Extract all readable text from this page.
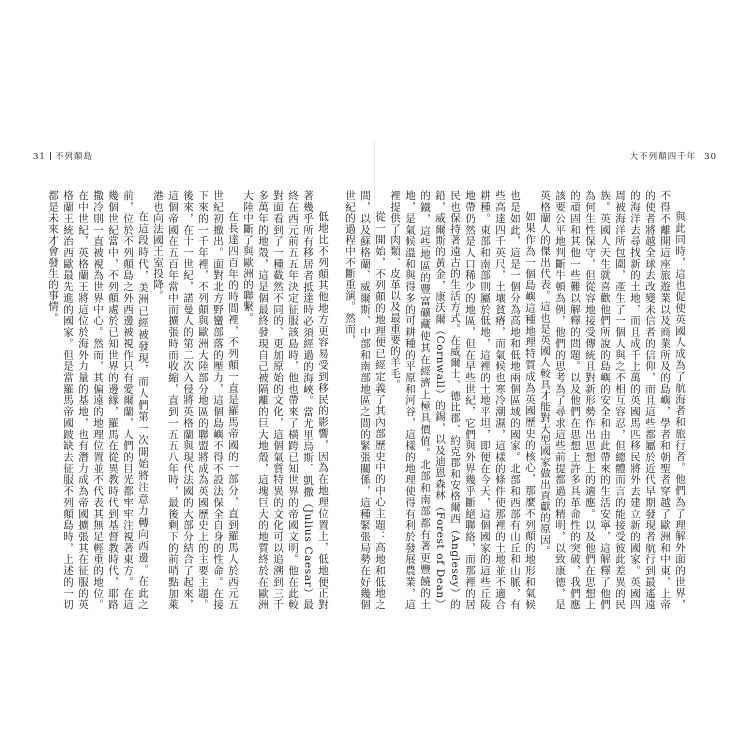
31 不列顛島

低地比不列顛其他地方更容易受到移民的影響，因為在地理位置上，低地便正對著幾乎所有移居者抵達時必須經過的海峽。當尤里烏斯．凱撒（Julius Caesar）最終在西元前五五年決定征服該島時，他也帶來了橫跨已知世界的帝國文明。他在此較對面看到了一種截然不同的、更加原始的文化，這個氣質特異的文化可以追溯到三千多萬年的地殼，這是個最終發現自己被隔離的巨大地殼，這塊巨大的地質終於在歐洲大陸中斷了與歐洲的聯繫。

在長達四百年的時間裡，不列顛一直是羅馬帝國的一部分，直到羅馬人於西元五世紀初撤出。面對北方野蠻部落的壓力，這個島嶼不得不設法保全自身的性命。在接下來的一千年裡，不列顛與歐洲大陸部分地區的聯盟將成為英國歷史上的主要主題。後來，在十一世紀，諾曼人的第二次入侵將英格蘭與現代法國的大部分結合了起來，這個帝國在五百年當中而擴張時而收縮，直到一五五八年時，最後剩下的前哨點加萊港也向法國王室投降。

在這段時代，美洲已經被發現，而人們第一次開始將注意力轉向西邊。在此之前，位於不列顛島之外西邊被視作只有愛爾蘭，人們的目光都牢牢注視著東方。在這幾個世紀當中，不列顛處於已知世界的邊緣，羅馬在從異教時代到基督教時代，耶路撒冷則一直被視為世界中心。然而，其偏遠的地理位置並不代表其無足輕重的地位。在中世紀，英格蘭王將這位於海外力量的基地，也有潛力成為帝國擴張其在征服的英格蘭王統治西歐最先進的國家。但是當羅馬帝國跛缺去征服不列顛島時，上述的一切都是未來才會發生的事情。

大不列顛四千年 30

與此同時，這也促使英國人成為了航海者和旅行者。他們為了理解外面的世界，不得不離開這座旅遊業以及商業所及的島嶼，學者和朝聖者穿越了歐洲和中東，上帝的使者將越全球去改變未信者的信仰，而且這些都屬於近代早期發現者航行到最遙遠的海洋去尋找新的土地，而且成千上萬的英國馬匹移民將外去建立新的國家。英國四周被海洋所包圍，產生了一個人與之不相互容忍，但總體而言的能接受彼此差異的民族。英國人天生就喜歡他們所說的島嶼的安全和由此帶來的生活安寧，這解釋了他們為何生性保守，但從容地接受傳統且對新形勢作出思想上的適應。以及他們在思想上的頑固和其他一些難以解釋的問題。以及他們在思想上許多具革命性的突破，我們應該要公平地判斷牛頓為例，他們的思考為了尋求這些前提都過的精明，以致康德，是英格蘭人的傑出代表。這也是英國人較具才能對大型國家做出貢獻的原因。

如果作為一個島嶼這種地理特質成為英國歷史的核心，那麼不列顛的地形和氣候也是如此，這是一個分為高地和低地兩個區域的國家。北部和西部有山丘和山脈，有些高達四千英尺，土壤貧瘠，而氣候也寒冷潮濕，這樣的條件使那裡的土地並不適合耕種。東部和南部則屬於低地，這裡的土地平坦，即便在今天，這個國家的這些丘陵地帶仍然是人口稀少的地區，但在早些世紀，它們與外界幾乎斷絕聯絡，而那裡的居民也保持著遠古的生活方式。在威爾士、德比郡、約克郡和安格爾西（Anglesey）的鉛，威爾斯的黃金，康沃爾（Cornwall）的錫，以及迪恩森林（Forest of Dean）的鐵，這些地區的豐富礦藏使其在經濟上極具價值。北部和南部都有著更豐饒的土地，是氣候溫和與得多的可耕種的平原和河谷，這樣的地理使得有利於發展農業，這裡提供了肉類、皮革以及最重要的羊毛。

從一開始，不列顛的地理便已經定義了其內部歷史中的中心主題：高地和低地之間，以及蘇格蘭、威爾斯、中部和南部地區之間的緊張關係，這種緊張局勢在好幾個世紀的過程中不斷重演。然而，
